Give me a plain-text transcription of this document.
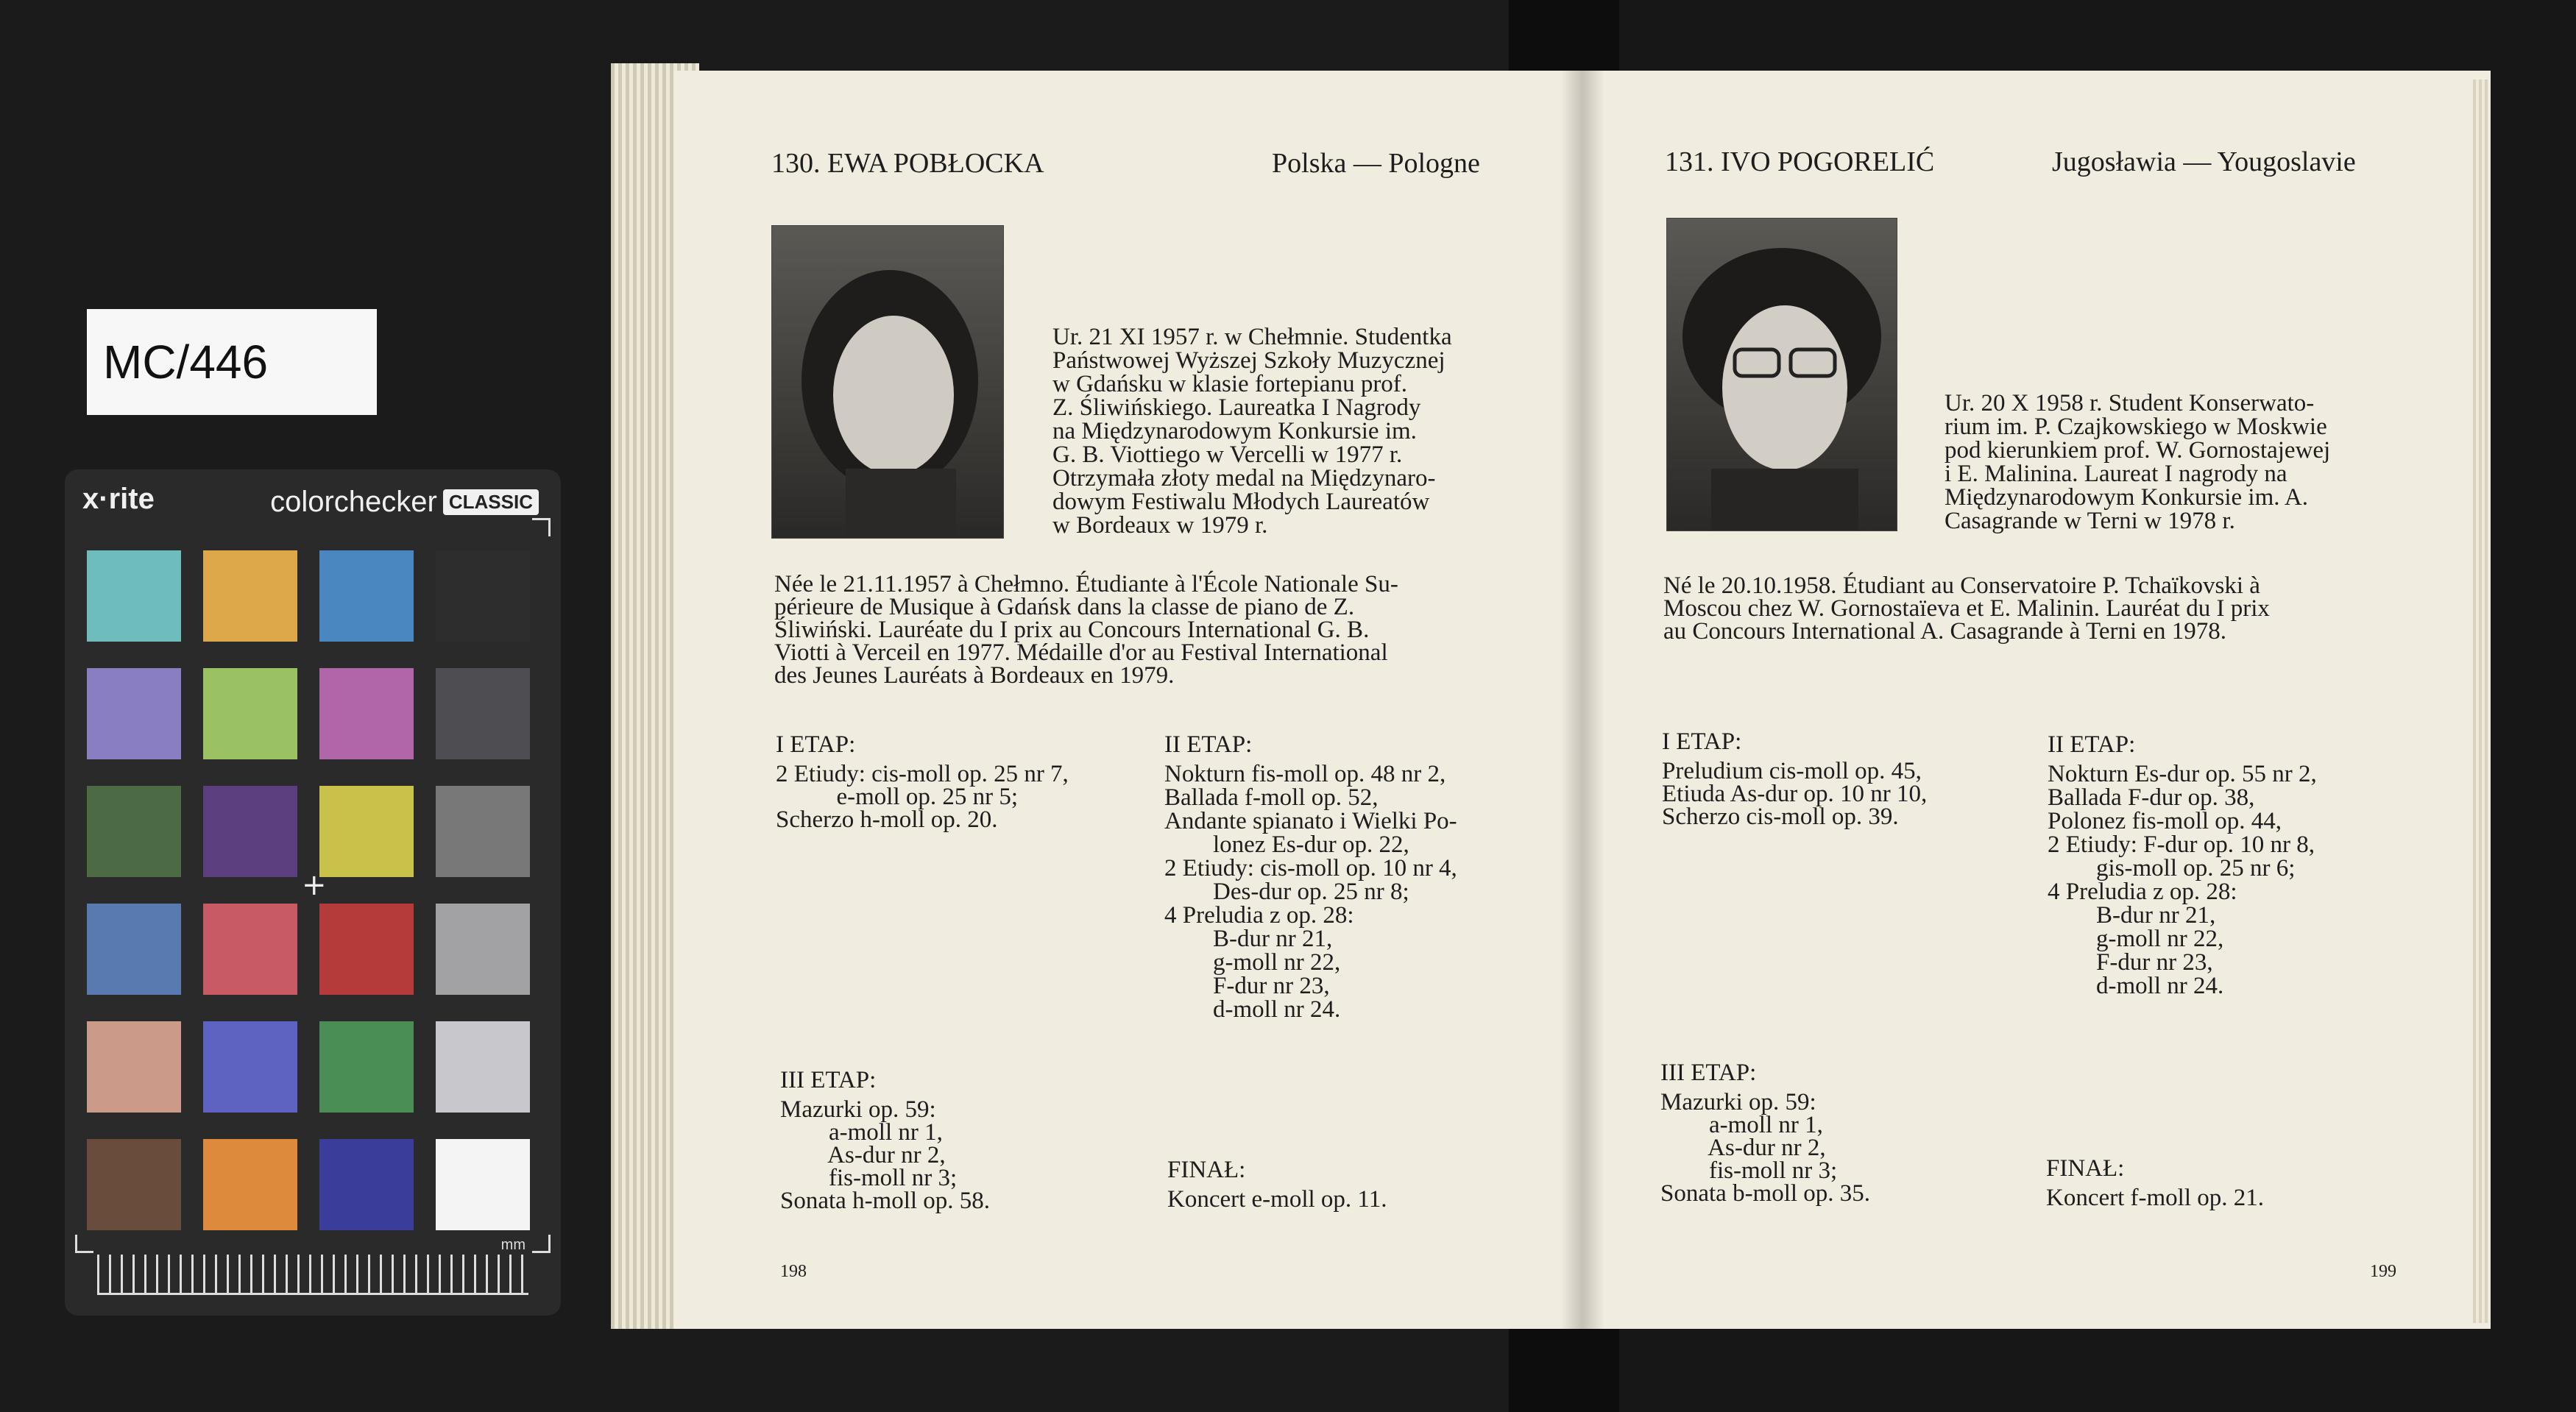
MC/446
x·rite	colorchecker CLASSIC
+
mm
130. EWA POBŁOCKA	Polska — Pologne
Ur. 21 XI 1957 r. w Chełmnie. Studentka
Państwowej Wyższej Szkoły Muzycznej
w Gdańsku w klasie fortepianu prof.
Z. Śliwińskiego. Laureatka I Nagrody
na Międzynarodowym Konkursie im.
G. B. Viottiego w Vercelli w 1977 r.
Otrzymała złoty medal na Międzynaro-
dowym Festiwalu Młodych Laureatów
w Bordeaux w 1979 r.
Née le 21.11.1957 à Chełmno. Étudiante à l'École Nationale Su-
périeure de Musique à Gdańsk dans la classe de piano de Z.
Śliwiński. Lauréate du I prix au Concours International G. B.
Viotti à Verceil en 1977. Médaille d'or au Festival International
des Jeunes Lauréats à Bordeaux en 1979.
I ETAP:
2 Etiudy: cis-moll op. 25 nr 7,
e-moll op. 25 nr 5;
Scherzo h-moll op. 20.
II ETAP:
Nokturn fis-moll op. 48 nr 2,
Ballada f-moll op. 52,
Andante spianato i Wielki Po-
lonez Es-dur op. 22,
2 Etiudy: cis-moll op. 10 nr 4,
Des-dur op. 25 nr 8;
4 Preludia z op. 28:
B-dur nr 21,
g-moll nr 22,
F-dur nr 23,
d-moll nr 24.
III ETAP:
Mazurki op. 59:
a-moll nr 1,
As-dur nr 2,
fis-moll nr 3;
Sonata h-moll op. 58.
FINAŁ:
Koncert e-moll op. 11.
198
131. IVO POGORELIĆ	Jugosławia — Yougoslavie
Ur. 20 X 1958 r. Student Konserwato-
rium im. P. Czajkowskiego w Moskwie
pod kierunkiem prof. W. Gornostajewej
i E. Malinina. Laureat I nagrody na
Międzynarodowym Konkursie im. A.
Casagrande w Terni w 1978 r.
Né le 20.10.1958. Étudiant au Conservatoire P. Tchaïkovski à
Moscou chez W. Gornostaïeva et E. Malinin. Lauréat du I prix
au Concours International A. Casagrande à Terni en 1978.
I ETAP:
Preludium cis-moll op. 45,
Etiuda As-dur op. 10 nr 10,
Scherzo cis-moll op. 39.
II ETAP:
Nokturn Es-dur op. 55 nr 2,
Ballada F-dur op. 38,
Polonez fis-moll op. 44,
2 Etiudy: F-dur op. 10 nr 8,
gis-moll op. 25 nr 6;
4 Preludia z op. 28:
B-dur nr 21,
g-moll nr 22,
F-dur nr 23,
d-moll nr 24.
III ETAP:
Mazurki op. 59:
a-moll nr 1,
As-dur nr 2,
fis-moll nr 3;
Sonata b-moll op. 35.
FINAŁ:
Koncert f-moll op. 21.
199
